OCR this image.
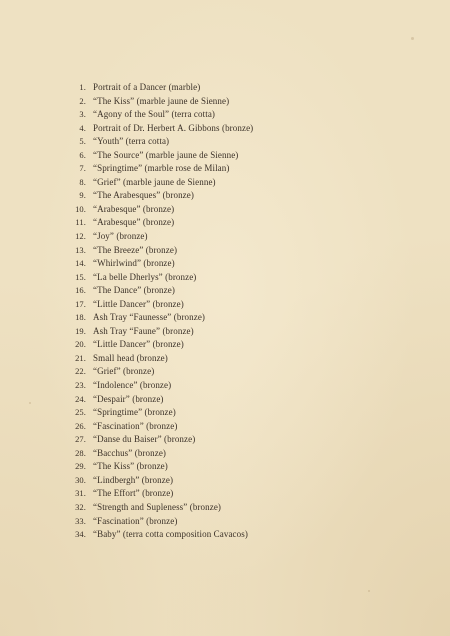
1. Portrait of a Dancer (marble)
2. “The Kiss” (marble jaune de Sienne)
3. “Agony of the Soul” (terra cotta)
4. Portrait of Dr. Herbert A. Gibbons (bronze)
5. “Youth” (terra cotta)
6. “The Source” (marble jaune de Sienne)
7. “Springtime” (marble rose de Milan)
8. “Grief” (marble jaune de Sienne)
9. “The Arabesques” (bronze)
10. “Arabesque” (bronze)
11. “Arabesque” (bronze)
12. “Joy” (bronze)
13. “The Breeze” (bronze)
14. “Whirlwind” (bronze)
15. “La belle Dherlys” (bronze)
16. “The Dance” (bronze)
17. “Little Dancer” (bronze)
18. Ash Tray “Faunesse” (bronze)
19. Ash Tray “Faune” (bronze)
20. “Little Dancer” (bronze)
21. Small head (bronze)
22. “Grief” (bronze)
23. “Indolence” (bronze)
24. “Despair” (bronze)
25. “Springtime” (bronze)
26. “Fascination” (bronze)
27. “Danse du Baiser” (bronze)
28. “Bacchus” (bronze)
29. “The Kiss” (bronze)
30. “Lindbergh” (bronze)
31. “The Effort” (bronze)
32. “Strength and Supleness” (bronze)
33. “Fascination” (bronze)
34. “Baby” (terra cotta composition Cavacos)
